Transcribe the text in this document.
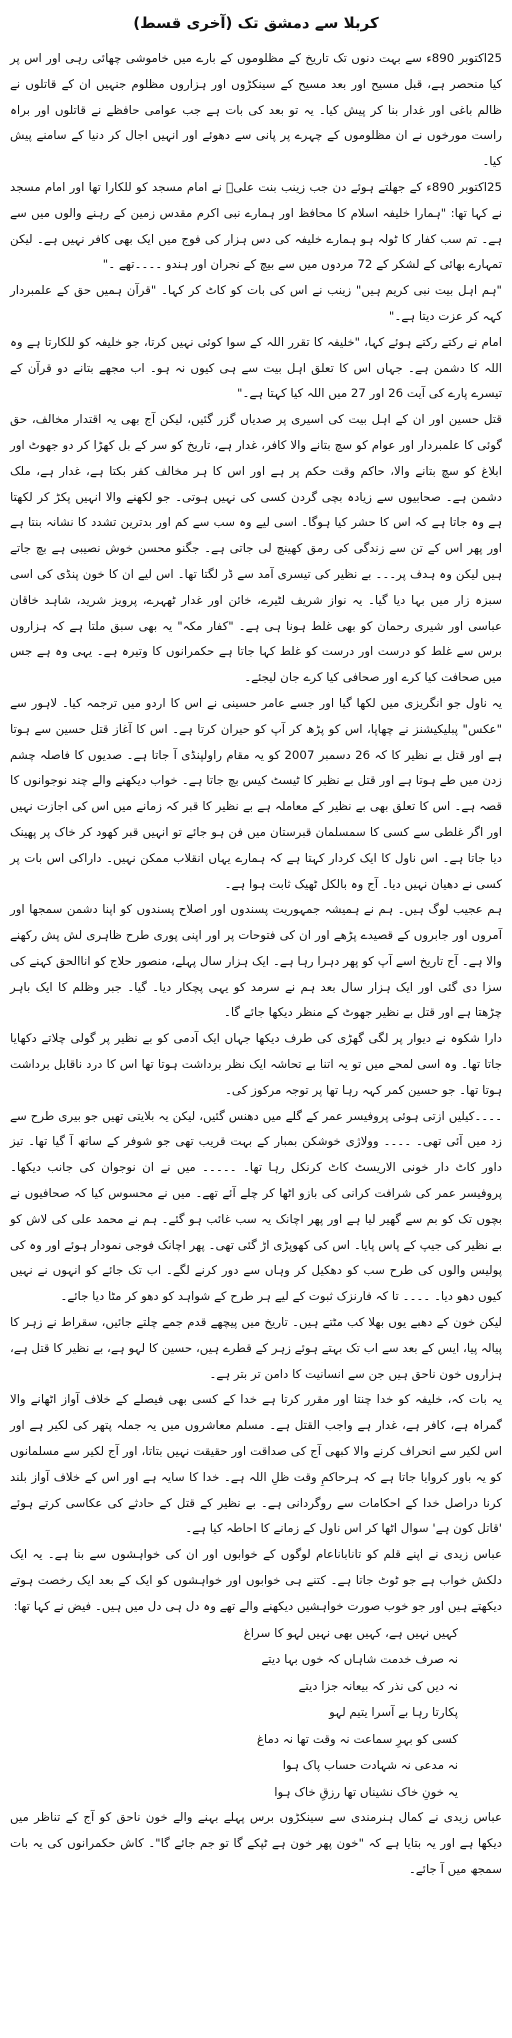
کربلا سے دمشق تک (آخری قسط)

25اکتوبر 890ء سے بہت دنوں تک تاریخ کے مظلوموں کے بارے میں خاموشی چھائی رہی اور اس پر کیا منحصر ہے، قبل مسیح اور بعد مسیح کے سینکڑوں اور ہزاروں مظلوم جنہیں ان کے قاتلوں نے ظالم باغی اور غدار بنا کر پیش کیا۔ یہ تو بعد کی بات ہے جب عوامی حافظے نے قاتلوں اور براہ راست مورخوں نے ان مظلوموں کے چہرے پر پانی سے دھوئے اور انہیں اجال کر دنیا کے سامنے پیش کیا۔

25اکتوبر 890ء کے جھلتے ہوئے دن جب زینب بنت علیؓ نے امام مسجد کو للکارا تھا اور امام مسجد نے کہا تھا: "ہمارا خلیفہ اسلام کا محافظ اور ہمارے نبی اکرم مقدس زمین کے رہنے والوں میں سے ہے۔ تم سب کفار کا ٹولہ ہو ہمارے خلیفہ کی دس ہزار کی فوج میں ایک بھی کافر نہیں ہے۔ لیکن تمہارے بھائی کے لشکر کے 72 مردوں میں سے بیچ کے نجران اور ہندو ۔۔۔۔تھے ۔"

"ہم اہل بیت نبی کریم ہیں" زینب نے اس کی بات کو کاٹ کر کہا۔ "قرآن ہمیں حق کے علمبردار کہہ کر عزت دیتا ہے۔"

امام نے رکتے رکتے ہوئے کہا، "خلیفہ کا تقرر اللہ کے سوا کوئی نہیں کرتا، جو خلیفہ کو للکارتا ہے وہ اللہ کا دشمن ہے۔ جہاں اس کا تعلق اہل بیت سے ہی کیوں نہ ہو۔ اب مجھے بتانے دو قرآن کے تیسرے پارے کی آیت 26 اور 27 میں اللہ کیا کہتا ہے۔"

قتل حسین اور ان کے اہل بیت کی اسیری پر صدیاں گزر گئیں، لیکن آج بھی یہ اقتدار مخالف، حق گوئی کا علمبردار اور عوام کو سچ بتانے والا کافر، غدار ہے، تاریخ کو سر کے بل کھڑا کر دو جھوٹ اور ابلاغ کو سچ بتانے والا، حاکم وقت حکم پر ہے اور اس کا ہر مخالف کفر بکتا ہے، غدار ہے، ملک دشمن ہے۔ صحابیوں سے زیادہ بچی گردن کسی کی نہیں ہوتی۔ جو لکھنے والا انہیں پکڑ کر لکھتا ہے وہ جاتا ہے کہ اس کا حشر کیا ہوگا۔ اسی لیے وہ سب سے کم اور بدترین تشدد کا نشانہ بنتا ہے اور پھر اس کے تن سے زندگی کی رمق کھینچ لی جاتی ہے۔ جگنو محسن خوش نصیبی ہے بچ جاتے ہیں لیکن وہ ہدف پر۔۔۔ بے نظیر کی تیسری آمد سے ڈر لگتا تھا۔ اس لیے ان کا خون پنڈی کی اسی سبزہ زار میں بہا دیا گیا۔ یہ نواز شریف لٹیرے، خائن اور غدار ٹھہرے، پرویز شرید، شاہد خاقان عباسی اور شیری رحمان کو بھی غلط ہونا ہی ہے۔ "کفار مکہ" یہ بھی سبق ملتا ہے کہ ہزاروں برس سے غلط کو درست اور درست کو غلط کہا جاتا ہے حکمرانوں کا وتیرہ ہے۔ یہی وہ ہے جس میں صحافت کیا کرے اور صحافی کیا کرے جان لیجئے۔

یہ ناول جو انگریزی میں لکھا گیا اور جسے عامر حسینی نے اس کا اردو میں ترجمہ کیا۔ لاہور سے "عکس" پبلیکیشنز نے چھاپا، اس کو پڑھ کر آپ کو حیران کرتا ہے۔ اس کا آغاز قتل حسین سے ہوتا ہے اور قتل بے نظیر کا کہ 26 دسمبر 2007 کو یہ مقام راولپنڈی آ جاتا ہے۔ صدیوں کا فاصلہ چشم زدن میں طے ہوتا ہے اور قتل بے نظیر کا ٹیسٹ کیس بچ جاتا ہے۔ خواب دیکھنے والے چند نوجوانوں کا قصہ ہے۔ اس کا تعلق بھی بے نظیر کے معاملہ ہے بے نظیر کا قبر کہ زمانے میں اس کی اجازت نہیں اور اگر غلطی سے کسی کا سمسلمان قبرستان میں فن ہو جائے تو انہیں قبر کھود کر خاک پر پھینک دیا جاتا ہے۔ اس ناول کا ایک کردار کہتا ہے کہ ہمارے یہاں انقلاب ممکن نہیں۔ داراکی اس بات پر کسی نے دھیان نہیں دیا۔ آج وہ بالکل ٹھیک ثابت ہوا ہے۔

ہم عجیب لوگ ہیں۔ ہم نے ہمیشہ جمہوریت پسندوں اور اصلاح پسندوں کو اپنا دشمن سمجھا اور آمروں اور جابروں کے قصیدے پڑھے اور ان کی فتوحات پر اور اپنی پوری طرح ظاہری لش پش رکھنے والا ہے۔ آج تاریخ اسے آپ کو پھر دہرا رہا ہے۔ ایک ہزار سال پہلے، منصور حلاج کو اناالحق کہنے کی سزا دی گئی اور ایک ہزار سال بعد ہم نے سرمد کو یہی پچکار دیا۔ گیا۔ جبر وظلم کا ایک باہر چڑھتا ہے اور قتل بے نظیر جھوٹ کے منظر دیکھا جائے گا۔

دارا شکوہ نے دیوار پر لگی گھڑی کی طرف دیکھا جہاں ایک آدمی کو بے نظیر پر گولی چلاتے دکھایا جاتا تھا۔ وہ اسی لمحے میں تو یہ اتنا بے تحاشہ ایک نظر برداشت ہوتا تھا اس کا درد ناقابل برداشت ہوتا تھا۔ جو حسین کمر کہہ رہا تھا پر توجہ مرکوز کی۔

۔۔۔۔کیلیں ازتی ہوئی پروفیسر عمر کے گلے میں دھنس گئیں، لیکن یہ بلایتی تھیں جو بیری طرح سے زد میں آئی تھی۔ ۔۔۔۔ وولاژی خوشکن بمبار کے بہت قریب تھی جو شوفر کے ساتھ آ گیا تھا۔ تیز داور کاٹ دار خونی الاریسٹ کاٹ کرنکل رہا تھا۔ ۔۔۔۔۔ میں نے ان نوجوان کی جانب دیکھا۔ پروفیسر عمر کی شرافت کرانی کی بازو اٹھا کر چلے آئے تھے۔ میں نے محسوس کیا کہ صحافیوں نے بچوں تک کو بم سے گھیر لیا ہے اور پھر اچانک یہ سب غائب ہو گئے۔ ہم نے محمد علی کی لاش کو بے نظیر کی جیپ کے پاس پایا۔ اس کی کھوپڑی اڑ گئی تھی۔ پھر اچانک فوجی نمودار ہوئے اور وہ کی پولیس والوں کی طرح سب کو دھکیل کر وہاں سے دور کرنے لگے۔ اب تک جائے کو انہوں نے نہیں کیوں دھو دیا۔ ۔۔۔۔ تا کہ فارنزک ثبوت کے لیے ہر طرح کے شواہد کو دھو کر مٹا دیا جائے۔

لیکن خون کے دھبے یوں بھلا کب مٹتے ہیں۔ تاریخ میں پیچھے قدم جمے چلتے جائیں، سقراط نے زہر کا پیالہ پیا، ایس کے بعد سے اب تک بہتے ہوئے زہر کے قطرے ہیں، حسین کا لہو ہے، بے نظیر کا قتل ہے، ہزاروں خون ناحق ہیں جن سے انسانیت کا دامن تر بتر ہے۔

یہ بات کہ، خلیفہ کو خدا چنتا اور مقرر کرتا ہے خدا کے کسی بھی فیصلے کے خلاف آواز اٹھانے والا گمراہ ہے، کافر ہے، غدار ہے واجب القتل ہے۔ مسلم معاشروں میں یہ جملہ پتھر کی لکیر ہے اور اس لکیر سے انحراف کرنے والا کبھی آج کی صداقت اور حقیقت نہیں بتاتا، اور آج لکیر سے مسلمانوں کو یہ باور کروایا جاتا ہے کہ ہرحاکمِ وقت ظلِ اللہ ہے۔ خدا کا سایہ ہے اور اس کے خلاف آواز بلند کرنا دراصل خدا کے احکامات سے روگردانی ہے۔ بے نظیر کے قتل کے حادثے کی عکاسی کرتے ہوئے 'قاتل کون ہے' سوال اٹھا کر اس ناول کے زمانے کا احاطہ کیا ہے۔

عباس زیدی نے اپنے قلم کو تاناباناعام لوگوں کے خوابوں اور ان کی خواہشوں سے بنا ہے۔ یہ ایک دلکش خواب ہے جو ٹوٹ جاتا ہے۔ کتنے ہی خوابوں اور خواہشوں کو ایک کے بعد ایک رخصت ہوتے دیکھتے ہیں اور جو خوب صورت خواہشیں دیکھنے والے تھے وہ دل ہی دل میں ہیں۔ فیض نے کہا تھا:

کہیں نہیں ہے، کہیں بھی نہیں لہو کا سراغ

نہ صرف خدمت شاہاں کہ خوں بہا دیتے

نہ دیں کی نذر کہ بیعانہ جزا دیتے

پکارتا رہا بے آسرا یتیم لہو

کسی کو بہرِ سماعت نہ وقت تھا نہ دماغ

نہ مدعی نہ شہادت حساب پاک ہوا

یہ خونِ خاک نشیناں تھا رزقِ خاک ہوا

عباس زیدی نے کمال ہنرمندی سے سینکڑوں برس پہلے بہنے والے خون ناحق کو آج کے تناظر میں دیکھا ہے اور یہ بتایا ہے کہ "خون پھر خون ہے ٹپکے گا تو جم جائے گا"۔ کاش حکمرانوں کی یہ بات سمجھ میں آ جائے۔
